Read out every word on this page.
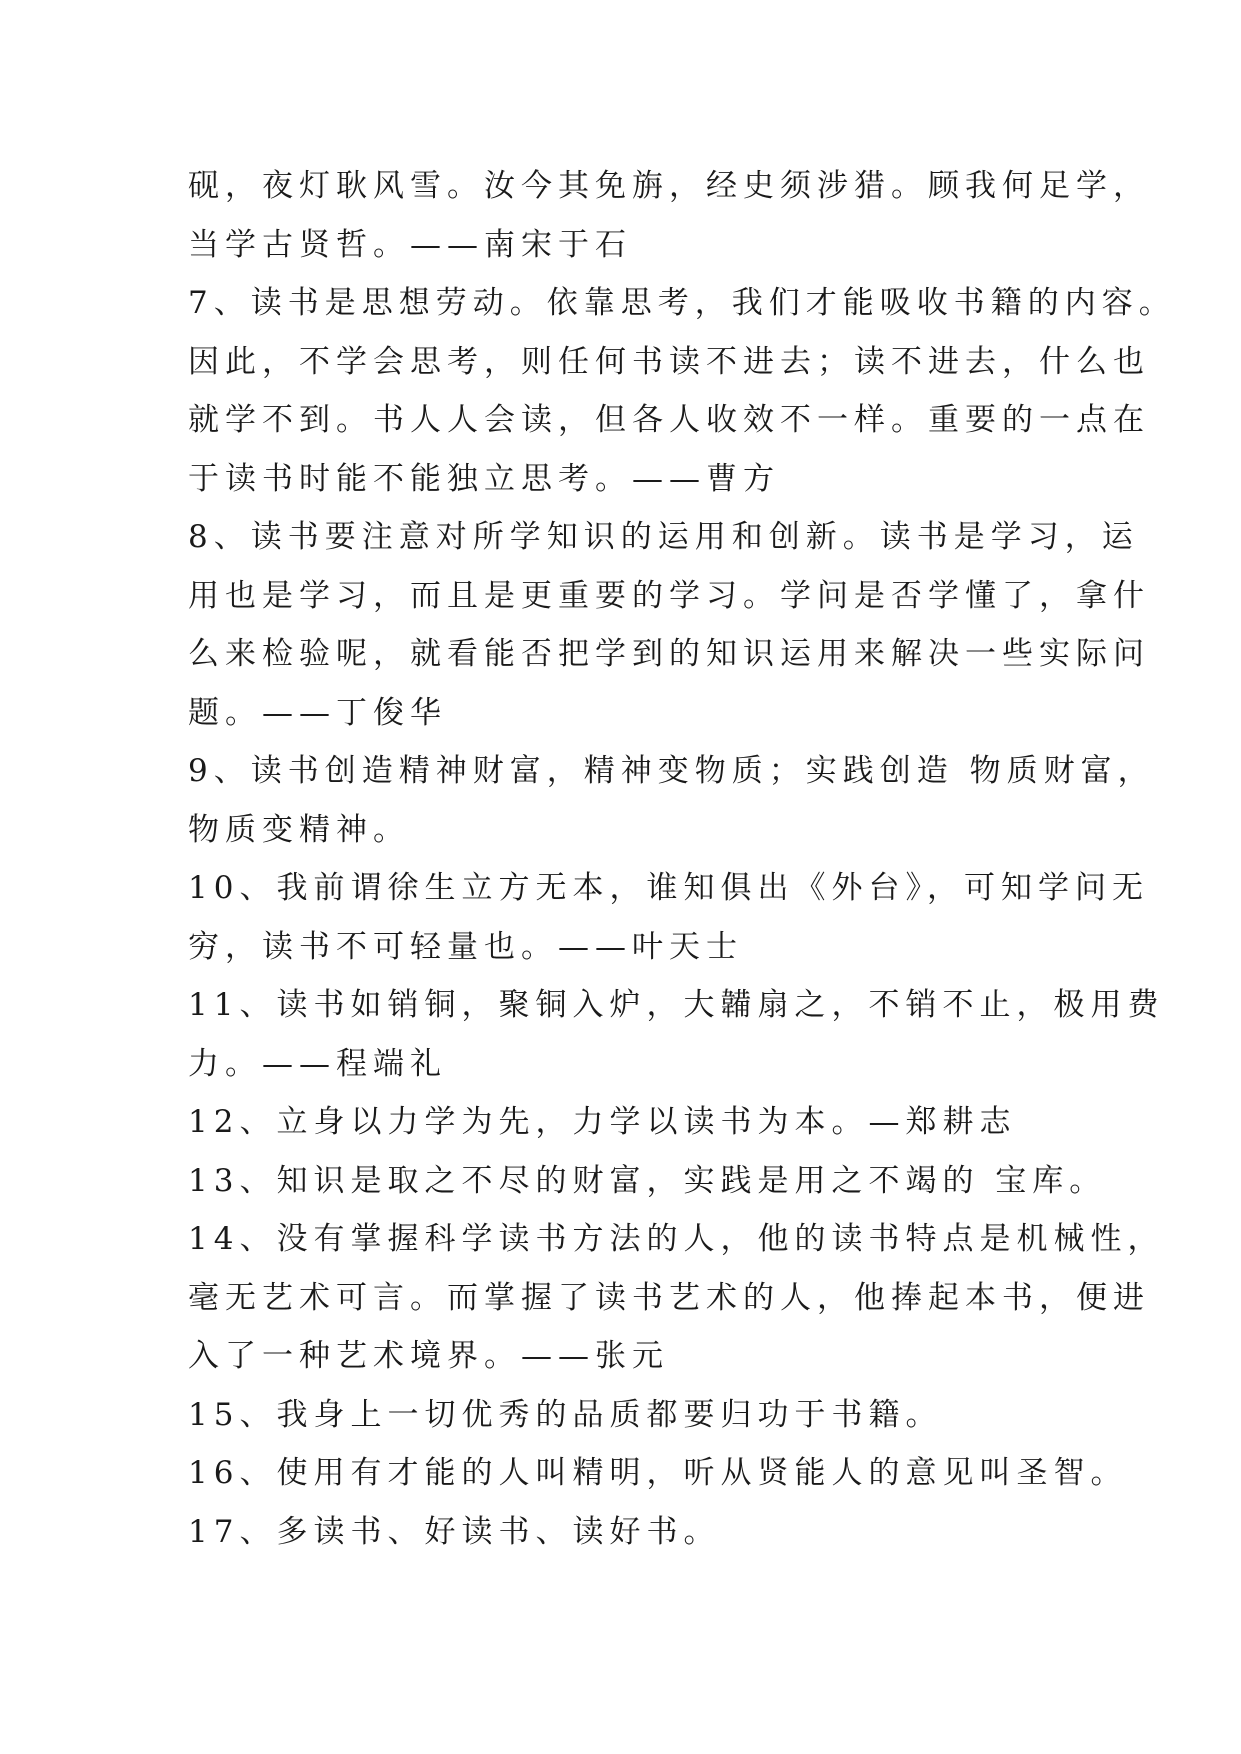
砚，夜灯耿风雪。汝今其免旃，经史须涉猎。顾我何足学，
当学古贤哲。——南宋于石
7、读书是思想劳动。依靠思考，我们才能吸收书籍的内容。
因此，不学会思考，则任何书读不进去；读不进去，什么也
就学不到。书人人会读，但各人收效不一样。重要的一点在
于读书时能不能独立思考。——曹方
8、读书要注意对所学知识的运用和创新。读书是学习，运
用也是学习，而且是更重要的学习。学问是否学懂了，拿什
么来检验呢，就看能否把学到的知识运用来解决一些实际问
题。——丁俊华
9、读书创造精神财富，精神变物质；实践创造 物质财富，
物质变精神。
10、我前谓徐生立方无本，谁知俱出《外台》，可知学问无
穷，读书不可轻量也。——叶天士
11、读书如销铜，聚铜入炉，大韛扇之，不销不止，极用费
力。——程端礼
12、立身以力学为先，力学以读书为本。—郑耕志
13、知识是取之不尽的财富，实践是用之不竭的 宝库。
14、没有掌握科学读书方法的人，他的读书特点是机械性，
毫无艺术可言。而掌握了读书艺术的人，他捧起本书，便进
入了一种艺术境界。——张元
15、我身上一切优秀的品质都要归功于书籍。
16、使用有才能的人叫精明，听从贤能人的意见叫圣智。
17、多读书、好读书、读好书。
